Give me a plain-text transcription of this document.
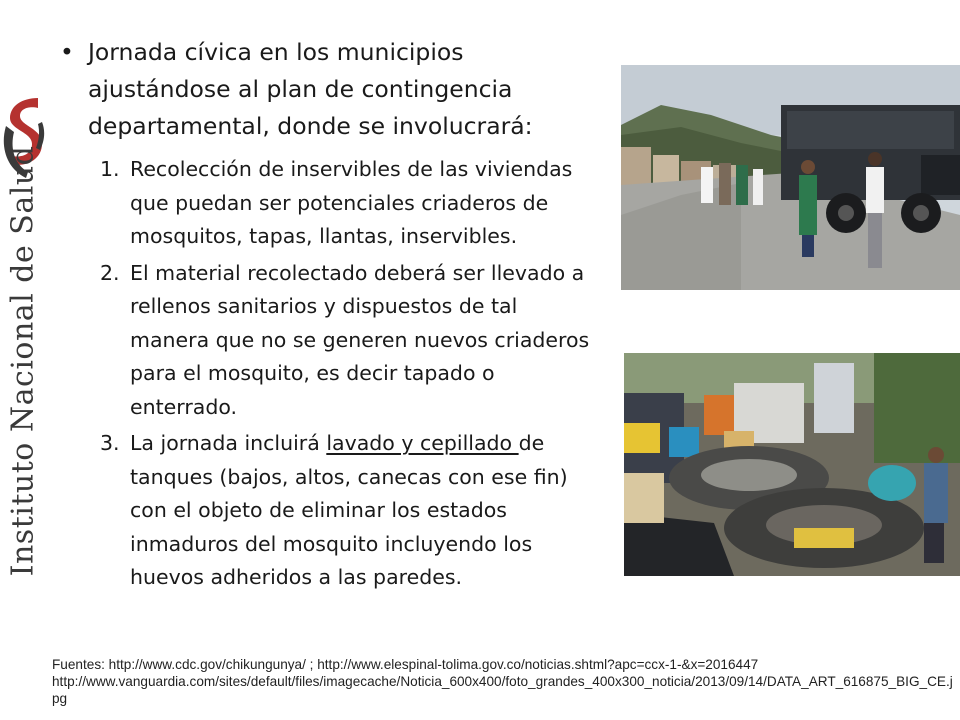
Instituto Nacional de Salud
• Jornada cívica en los municipios ajustándose al plan de contingencia departamental, donde se involucrará:
1. Recolección de inservibles de las viviendas que puedan ser potenciales criaderos de mosquitos, tapas, llantas, inservibles.
2. El material recolectado deberá ser llevado a rellenos sanitarios y dispuestos de tal manera que no se generen nuevos criaderos para el mosquito, es decir tapado o enterrado.
3. La jornada incluirá lavado y cepillado de tanques (bajos, altos, canecas con ese fin) con el objeto de eliminar los estados inmaduros del mosquito incluyendo los huevos adheridos a las paredes.
Fuentes: http://www.cdc.gov/chikungunya/ ; http://www.elespinal-tolima.gov.co/noticias.shtml?apc=ccx-1-&x=2016447
http://www.vanguardia.com/sites/default/files/imagecache/Noticia_600x400/foto_grandes_400x300_noticia/2013/09/14/DATA_ART_616875_BIG_CE.jpg
